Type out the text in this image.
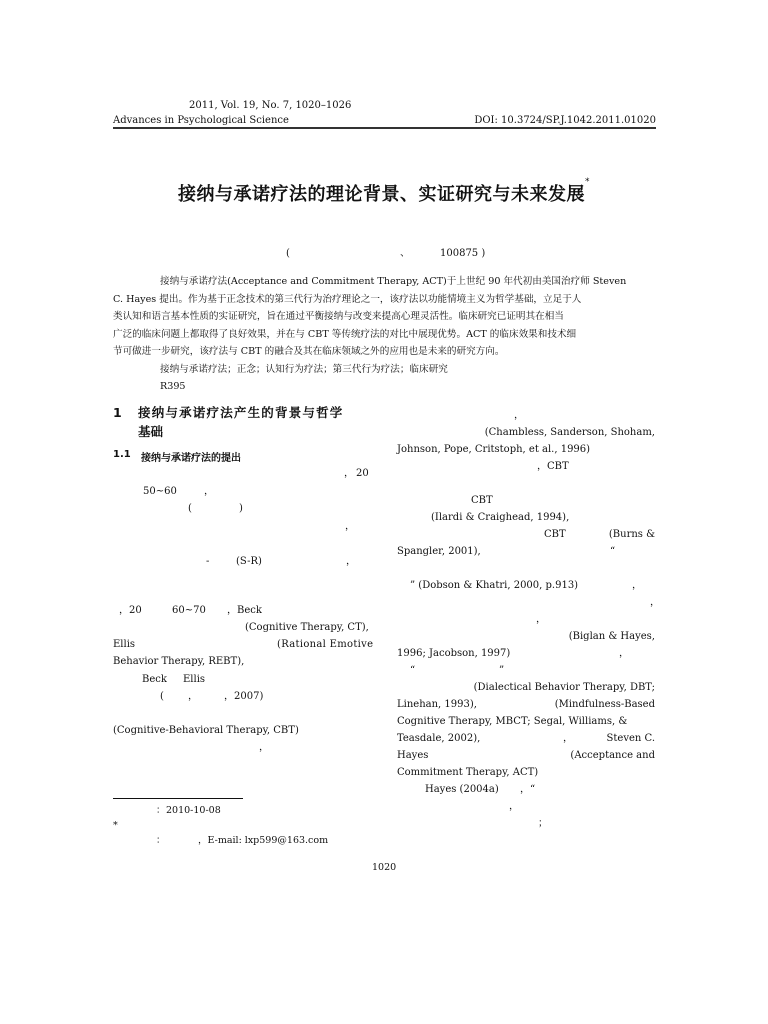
2011, Vol. 19, No. 7, 1020–1026
Advances in Psychological Science	DOI: 10.3724/SP.J.1042.2011.01020
接纳与承诺疗法的理论背景、实证研究与未来发展*
(	、	100875 )
接纳与承诺疗法(Acceptance and Commitment Therapy, ACT)于上世纪 90 年代初由美国治疗师 Steven
C. Hayes 提出。作为基于正念技术的第三代行为治疗理论之一，该疗法以功能情境主义为哲学基础，立足于人
类认知和语言基本性质的实证研究，旨在通过平衡接纳与改变来提高心理灵活性。临床研究已证明其在相当
广泛的临床问题上都取得了良好效果，并在与 CBT 等传统疗法的对比中展现优势。ACT 的临床效果和技术细
节可做进一步研究，该疗法与 CBT 的融合及其在临床领域之外的应用也是未来的研究方向。
接纳与承诺疗法；正念；认知行为疗法；第三代行为疗法；临床研究
R395
1 接纳与承诺疗法产生的背景与哲学
基础
1.1 接纳与承诺疗法的提出
， 20
50~60	，
(	)
，
-	(S-R)	，
，20	60~70 ，Beck
(Cognitive Therapy, CT),
Ellis	(Rational Emotive
Behavior Therapy, REBT),
Beck Ellis
( ，	，2007)
(Cognitive-Behavioral Therapy, CBT)
，
，
(Chambless, Sanderson, Shoham,
Johnson, Pope, Critstoph, et al., 1996)
，CBT
CBT
(Ilardi & Craighead, 1994),
CBT	(Burns &
Spangler, 2001),	“
” (Dobson & Khatri, 2000, p.913)	，
，
，
(Biglan & Hayes,
1996; Jacobson, 1997)	，
“	”
(Dialectical Behavior Therapy, DBT;
Linehan, 1993),	(Mindfulness-Based
Cognitive Therapy, MBCT; Segal, Williams, &
Teasdale, 2002),	，	Steven C.
Hayes	(Acceptance and
Commitment Therapy, ACT)
Hayes (2004a) ，“
，
；
： 2010-10-08
*
：	，E-mail: lxp599@163.com
1020
